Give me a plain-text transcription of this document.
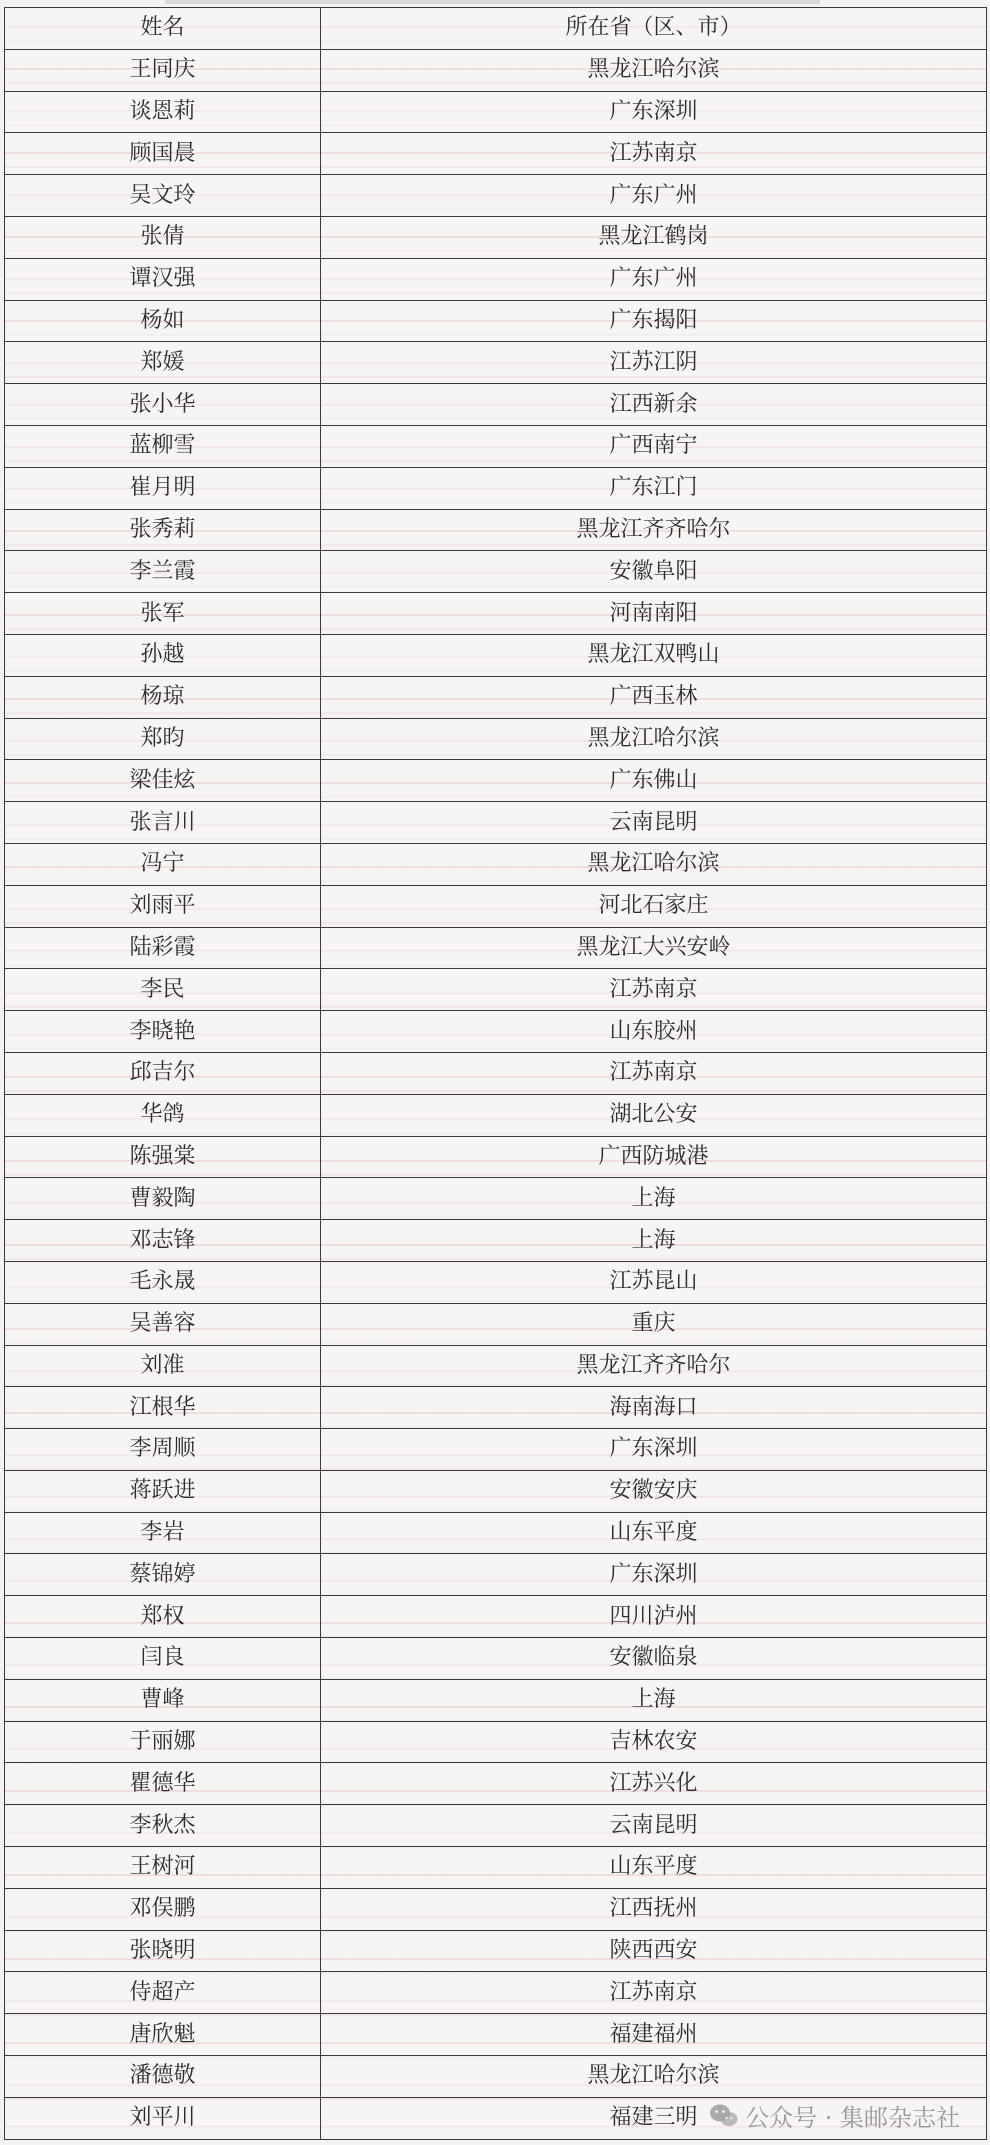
姓名	所在省（区、市）
王同庆	黑龙江哈尔滨
谈恩莉	广东深圳
顾国晨	江苏南京
吴文玲	广东广州
张倩	黑龙江鹤岗
谭汉强	广东广州
杨如	广东揭阳
郑媛	江苏江阴
张小华	江西新余
蓝柳雪	广西南宁
崔月明	广东江门
张秀莉	黑龙江齐齐哈尔
李兰霞	安徽阜阳
张军	河南南阳
孙越	黑龙江双鸭山
杨琼	广西玉林
郑昀	黑龙江哈尔滨
梁佳炫	广东佛山
张言川	云南昆明
冯宁	黑龙江哈尔滨
刘雨平	河北石家庄
陆彩霞	黑龙江大兴安岭
李民	江苏南京
李晓艳	山东胶州
邱吉尔	江苏南京
华鸽	湖北公安
陈强棠	广西防城港
曹毅陶	上海
邓志锋	上海
毛永晟	江苏昆山
吴善容	重庆
刘准	黑龙江齐齐哈尔
江根华	海南海口
李周顺	广东深圳
蒋跃进	安徽安庆
李岩	山东平度
蔡锦婷	广东深圳
郑权	四川泸州
闫良	安徽临泉
曹峰	上海
于丽娜	吉林农安
瞿德华	江苏兴化
李秋杰	云南昆明
王树河	山东平度
邓俣鹏	江西抚州
张晓明	陕西西安
侍超产	江苏南京
唐欣魁	福建福州
潘德敬	黑龙江哈尔滨
刘平川	福建三明 公众号 · 集邮杂志社
